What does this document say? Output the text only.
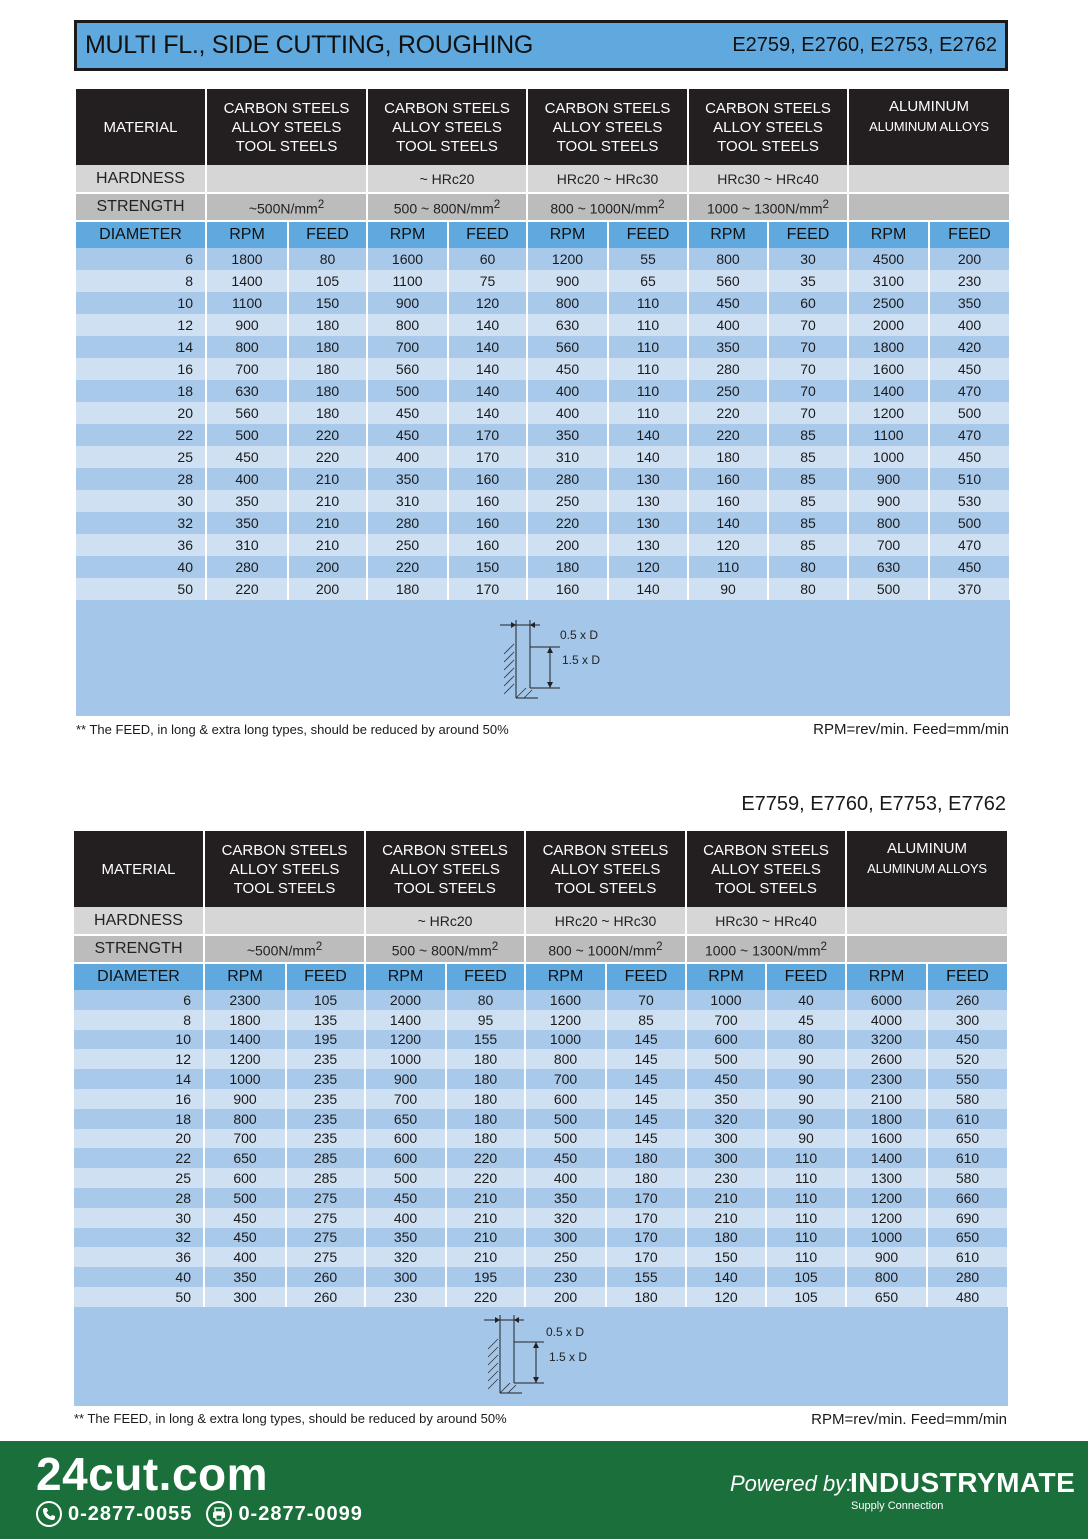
MULTI FL., SIDE CUTTING, ROUGHING	E2759, E2760, E2753, E2762
MATERIAL	CARBON STEELS
ALLOY STEELS
TOOL STEELS		CARBON STEELS
ALLOY STEELS
TOOL STEELS		CARBON STEELS
ALLOY STEELS
TOOL STEELS		CARBON STEELS
ALLOY STEELS
TOOL STEELS		ALUMINUM
ALUMINUM ALLOYS	
HARDNESS			~ HRc20		HRc20 ~ HRc30		HRc30 ~ HRc40			
STRENGTH	$\sim 500N/mm^2$		500 ~ $800N/mm^2$		800 ~ $1000N/mm^2$		1000 ~ $1300N/mm^2$	
DIAMETER	RPM	FEED	RPM	FEED	RPM	FEED	RPM	FEED	RPM	FEED
6	1800	80	1600	60	1200	55	800	30	4500	200
8	1400	105	1100	75	900	65	560	35	3100	230
10	1100	150	900	120	800	110	450	60	2500	350
12	900	180	800	140	630	110	400	70	2000	400
14	800	180	700	140	560	110	350	70	1800	420
16	700	180	560	140	450	110	280	70	1600	450
18	630	180	500	140	400	110	250	70	1400	470
20	560	180	450	140	400	110	220	70	1200	500
22	500	220	450	170	350	140	220	85	1100	470
25	450	220	400	170	310	140	180	85	1000	450
28	400	210	350	160	280	130	160	85	900	510
30	350	210	310	160	250	130	160	85	900	530
32	350	210	280	160	220	130	140	85	800	500
36	310	210	250	160	200	130	120	85	700	470
40	280	200	220	150	180	120	110	80	630	450
50	220	200	180	170	160	140	90	80	500	370
0.5 x D
1.5 x D
** The FEED, in long & extra long types, should be reduced by around 50%	RPM=rev/min. Feed=mm/min
E7759, E7760, E7753, E7762
MATERIAL	CARBON STEELS
ALLOY STEELS
TOOL STEELS		CARBON STEELS
ALLOY STEELS
TOOL STEELS		CARBON STEELS
ALLOY STEELS
TOOL STEELS		CARBON STEELS
ALLOY STEELS
TOOL STEELS		ALUMINUM
ALUMINUM ALLOYS	
HARDNESS			~ HRc20		HRc20 ~ HRc30		HRc30 ~ HRc40			
STRENGTH	$\sim 500N/mm^2$		500 ~ $800N/mm^2$		800 ~ $1000N/mm^2$		1000 ~ $1300N/mm^2$	
DIAMETER	RPM	FEED	RPM	FEED	RPM	FEED	RPM	FEED	RPM	FEED
6	2300	105	2000	80	1600	70	1000	40	6000	260
8	1800	135	1400	95	1200	85	700	45	4000	300
10	1400	195	1200	155	1000	145	600	80	3200	450
12	1200	235	1000	180	800	145	500	90	2600	520
14	1000	235	900	180	700	145	450	90	2300	550
16	900	235	700	180	600	145	350	90	2100	580
18	800	235	650	180	500	145	320	90	1800	610
20	700	235	600	180	500	145	300	90	1600	650
22	650	285	600	220	450	180	300	110	1400	610
25	600	285	500	220	400	180	230	110	1300	580
28	500	275	450	210	350	170	210	110	1200	660
30	450	275	400	210	320	170	210	110	1200	690
32	450	275	350	210	300	170	180	110	1000	650
36	400	275	320	210	250	170	150	110	900	610
40	350	260	300	195	230	155	140	105	800	280
50	300	260	230	220	200	180	120	105	650	480
0.5 x D
1.5 x D
** The FEED, in long & extra long types, should be reduced by around 50%	RPM=rev/min. Feed=mm/min
24cut.com
0-2877-0055 0-2877-0099
Powered by:
INDUSTRYMATE
Supply Connection
